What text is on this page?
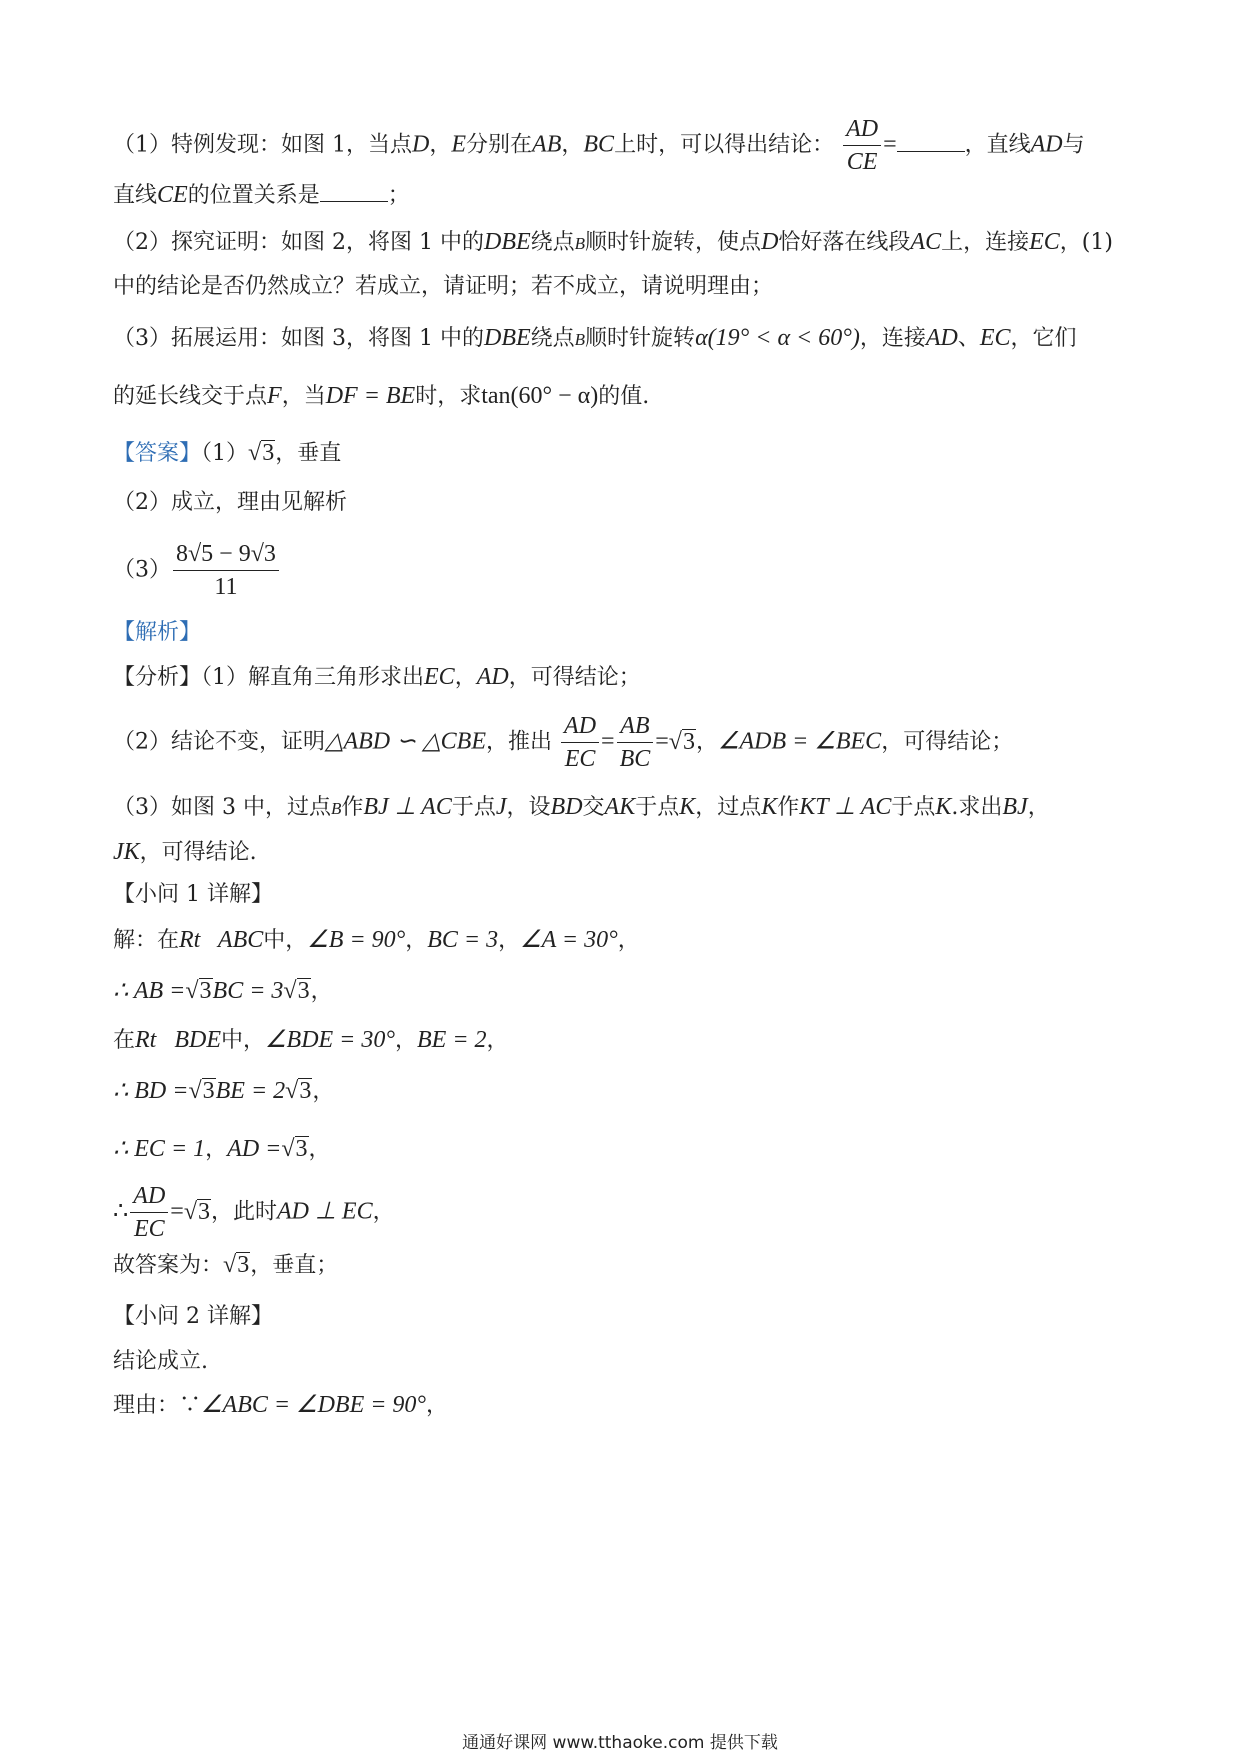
（1）特例发现：如图 1，当点D，E分别在AB，BC上时，可以得出结论： $\frac{AD}{CE}$ =	，直线AD与
直线CE的位置关系是	；
（2）探究证明：如图 2，将图 1 中的DBE绕点B顺时针旋转，使点D恰好落在线段AC上，连接EC，(1)
中的结论是否仍然成立？若成立，请证明；若不成立，请说明理由；
（3）拓展运用：如图 3，将图 1 中的DBE绕点B顺时针旋转α(19° < α < 60°)，连接AD、EC，它们
的延长线交于点F，当DF = BE时，求tan(60° − α)的值.
【答案】（1）√3，垂直
（2）成立，理由见解析
$(3) \frac{8√5 - 9√3}{11}$
【解析】
【分析】（1）解直角三角形求出EC，AD，可得结论；
（2）结论不变，证明△ABD ∽ △CBE，推出 $\frac{AD}{EC} = \frac{AB}{BC} =√3$，∠ADB = ∠BEC，可得结论；
（3）如图 3 中，过点B作BJ ⊥ AC于点J，设BD交AK于点K，过点K作KT ⊥ AC于点K.求出BJ，
JK，可得结论.
【小问 1 详解】
解：在Rt   ABC中，∠B = 90°，BC = 3，∠A = 30°，
∴ AB =√3BC = 3√3，
在Rt   BDE中，∠BDE = 30°，BE = 2，
∴ BD =√3BE = 2√3，
∴ EC = 1，AD =√3，
∴ $\frac{AD}{EC} =√3$，此时AD ⊥ EC，
故答案为：√3，垂直；
【小问 2 详解】
结论成立.
理由：∵∠ABC = ∠DBE = 90°，
通通好课网 www.tthaoke.com 提供下载
